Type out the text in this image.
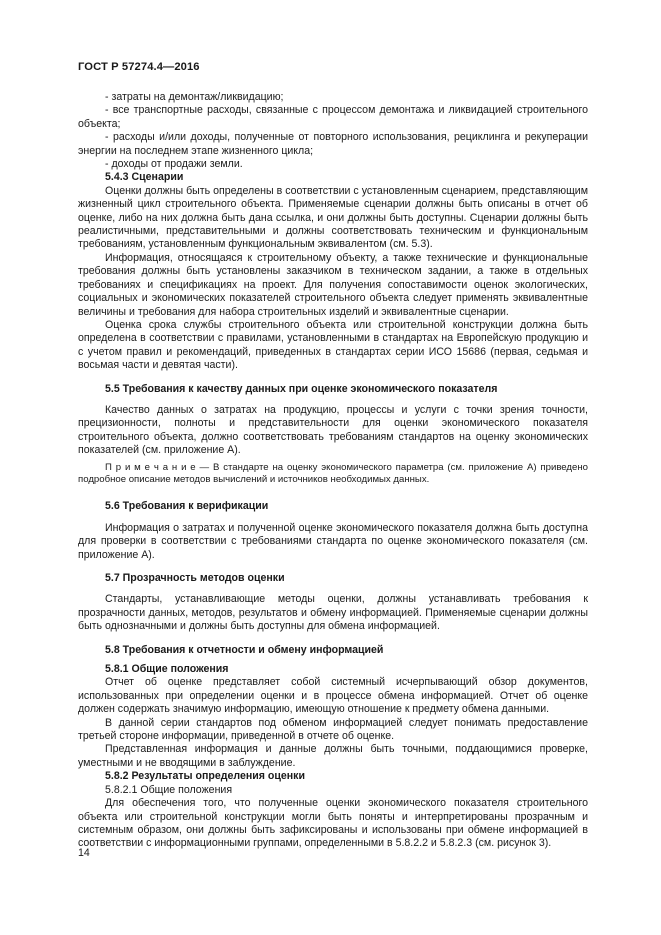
ГОСТ Р 57274.4—2016

- затраты на демонтаж/ликвидацию;

- все транспортные расходы, связанные с процессом демонтажа и ликвидацией строительного объекта;

- расходы и/или доходы, полученные от повторного использования, рециклинга и рекуперации энергии на последнем этапе жизненного цикла;

- доходы от продажи земли.

5.4.3 Сценарии

Оценки должны быть определены в соответствии с установленным сценарием, представляющим жизненный цикл строительного объекта. Применяемые сценарии должны быть описаны в отчет об оценке, либо на них должна быть дана ссылка, и они должны быть доступны. Сценарии должны быть реалистичными, представительными и должны соответствовать техническим и функциональным требованиям, установленным функциональным эквивалентом (см. 5.3).

Информация, относящаяся к строительному объекту, а также технические и функциональные требования должны быть установлены заказчиком в техническом задании, а также в отдельных требованиях и спецификациях на проект. Для получения сопоставимости оценок экологических, социальных и экономических показателей строительного объекта следует применять эквивалентные величины и требования для набора строительных изделий и эквивалентные сценарии.

Оценка срока службы строительного объекта или строительной конструкции должна быть определена в соответствии с правилами, установленными в стандартах на Европейскую продукцию и с учетом правил и рекомендаций, приведенных в стандартах серии ИСО 15686 (первая, седьмая и восьмая части и девятая части).

5.5 Требования к качеству данных при оценке экономического показателя

Качество данных о затратах на продукцию, процессы и услуги с точки зрения точности, прецизионности, полноты и представительности для оценки экономического показателя строительного объекта, должно соответствовать требованиям стандартов на оценку экономических показателей (см. приложение А).

П р и м е ч а н и е — В стандарте на оценку экономического параметра (см. приложение А) приведено подробное описание методов вычислений и источников необходимых данных.

5.6 Требования к верификации

Информация о затратах и полученной оценке экономического показателя должна быть доступна для проверки в соответствии с требованиями стандарта по оценке экономического показателя (см. приложение А).

5.7 Прозрачность методов оценки

Стандарты, устанавливающие методы оценки, должны устанавливать требования к прозрачности данных, методов, результатов и обмену информацией. Применяемые сценарии должны быть однозначными и должны быть доступны для обмена информацией.

5.8 Требования к отчетности и обмену информацией

5.8.1 Общие положения

Отчет об оценке представляет собой системный исчерпывающий обзор документов, использованных при определении оценки и в процессе обмена информацией. Отчет об оценке должен содержать значимую информацию, имеющую отношение к предмету обмена данными.

В данной серии стандартов под обменом информацией следует понимать предоставление третьей стороне информации, приведенной в отчете об оценке.

Представленная информация и данные должны быть точными, поддающимися проверке, уместными и не вводящими в заблуждение.

5.8.2 Результаты определения оценки

5.8.2.1 Общие положения

Для обеспечения того, что полученные оценки экономического показателя строительного объекта или строительной конструкции могли быть поняты и интерпретированы прозрачным и системным образом, они должны быть зафиксированы и использованы при обмене информацией в соответствии с информационными группами, определенными в 5.8.2.2 и 5.8.2.3 (см. рисунок 3).

14
